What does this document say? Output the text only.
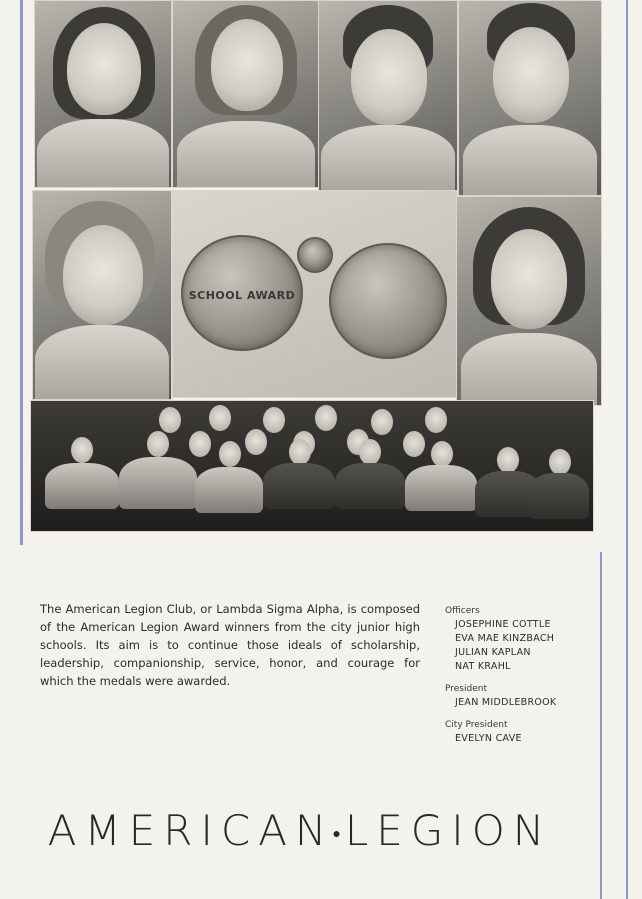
SCHOOL AWARD
The American Legion Club, or Lambda Sigma Alpha, is composed of the American Legion Award winners from the city junior high schools. Its aim is to continue those ideals of scholarship, leadership, companionship, service, honor, and courage for which the medals were awarded.
Officers
JOSEPHINE COTTLE
EVA MAE KINZBACH
JULIAN KAPLAN
NAT KRAHL
President
JEAN MIDDLEBROOK
City President
EVELYN CAVE
AMERICAN●LEGION
